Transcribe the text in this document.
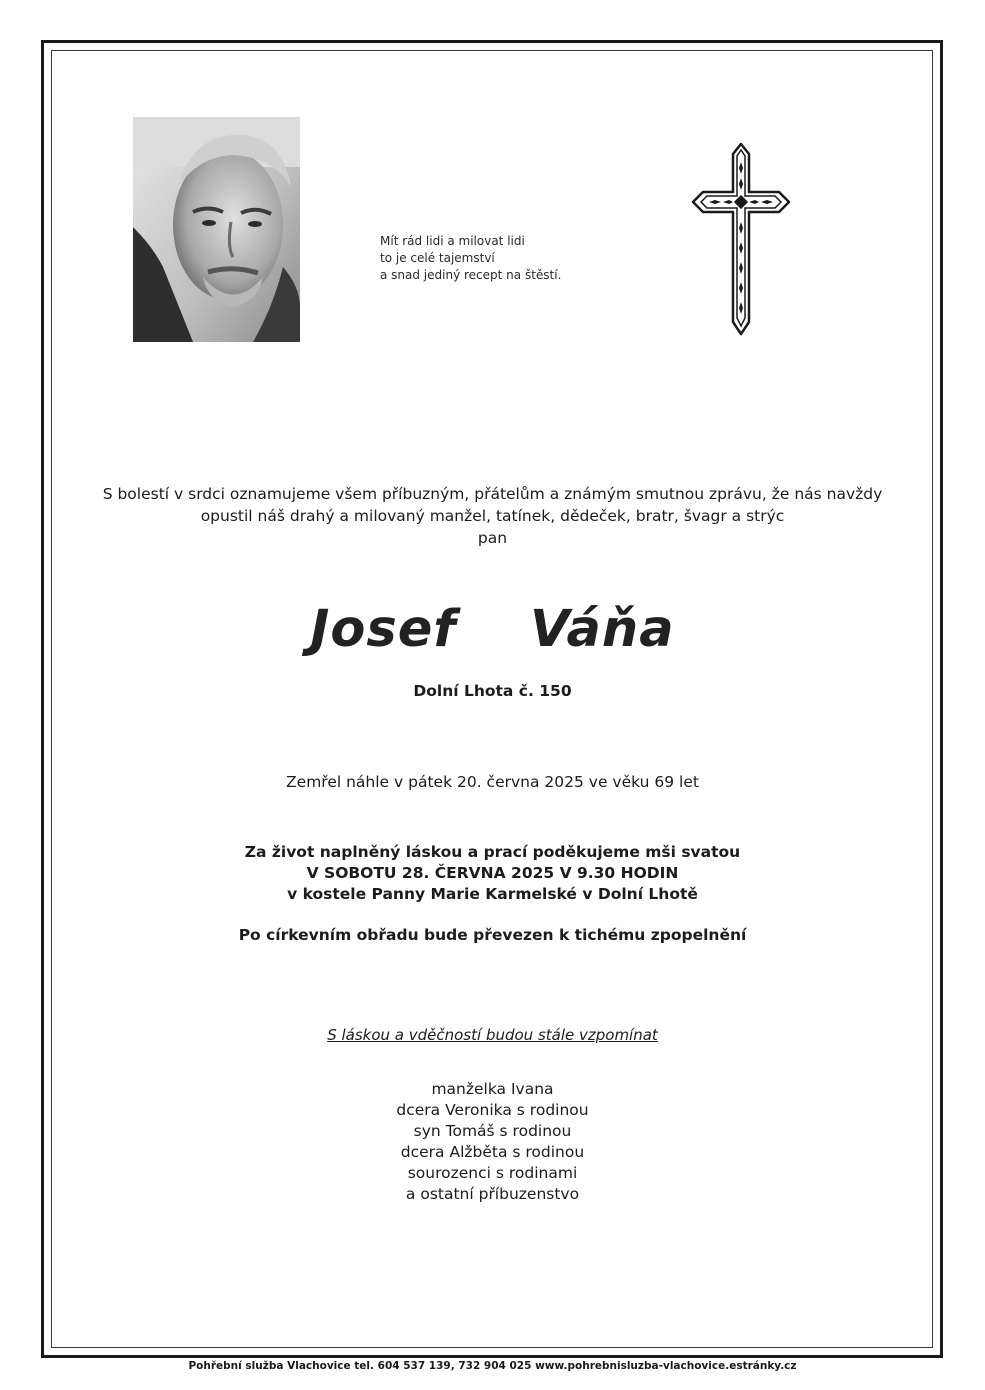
Mít rád lidi a milovat lidi
to je celé tajemství
a snad jediný recept na štěstí.
S bolestí v srdci oznamujeme všem příbuzným, přátelům a známým smutnou zprávu, že nás navždy
opustil náš drahý a milovaný manžel, tatínek, dědeček, bratr, švagr a strýc
pan
Josef  Váňa
Dolní Lhota č. 150
Zemřel náhle v pátek 20. června 2025 ve věku 69 let
Za život naplněný láskou a prací poděkujeme mši svatou
V SOBOTU 28. ČERVNA 2025 V 9.30 HODIN
v kostele Panny Marie Karmelské v Dolní Lhotě
Po církevním obřadu bude převezen k tichému zpopelnění
S láskou a vděčností budou stále vzpomínat
manželka Ivana
dcera Veronika s rodinou
syn Tomáš s rodinou
dcera Alžběta s rodinou
sourozenci s rodinami
a ostatní příbuzenstvo
Pohřební služba Vlachovice tel. 604 537 139, 732 904 025 www.pohrebnisluzba-vlachovice.estránky.cz
